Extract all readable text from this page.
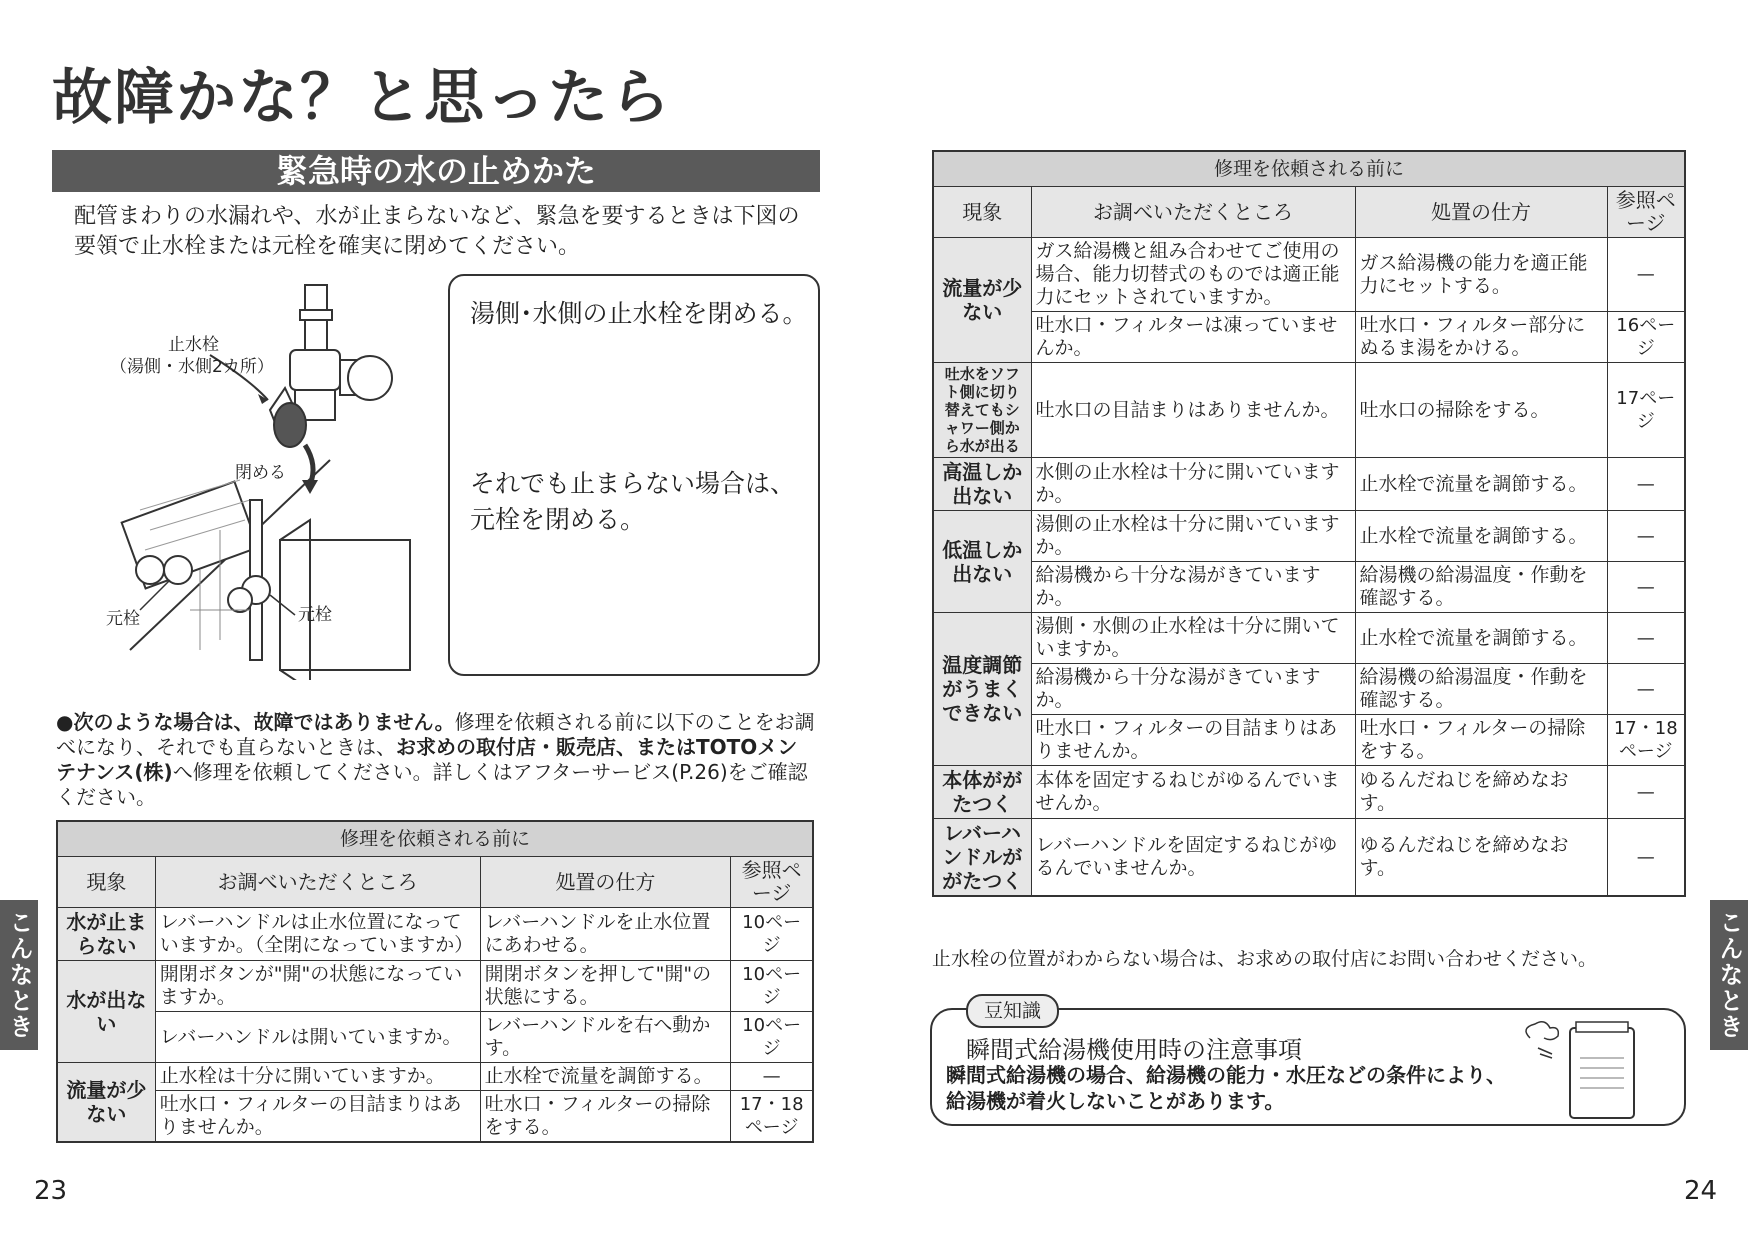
故障かな？と思ったら
緊急時の水の止めかた

配管まわりの水漏れや、水が止まらないなど、緊急を要するときは下図の要領で止水栓または元栓を確実に閉めてください。

止水栓
（湯側・水側2カ所）
閉める
元栓	元栓
湯側･水側の止水栓を閉める。
それでも止まらない場合は、元栓を閉める。

●次のような場合は、故障ではありません。修理を依頼される前に以下のことをお調べになり、それでも直らないときは、お求めの取付店・販売店、またはTOTOメンテナンス(株)へ修理を依頼してください。詳しくはアフターサービス(P.26)をご確認ください。

修理を依頼される前に			
現象	お調べいただくところ	処置の仕方	参照ページ
水が止まらない	レバーハンドルは止水位置になっていますか。（全閉になっていますか）	レバーハンドルを止水位置にあわせる。	10ページ
水が出ない	開閉ボタンが"開"の状態になっていますか。	開閉ボタンを押して"開"の状態にする。	10ページ
	レバーハンドルは開いていますか。	レバーハンドルを右へ動かす。	10ページ
流量が少ない	止水栓は十分に開いていますか。	止水栓で流量を調節する。	—
	吐水口・フィルターの目詰まりはありませんか。	吐水口・フィルターの掃除をする。	17・18ページ
こんなとき
23
修理を依頼される前に			
現象	お調べいただくところ	処置の仕方	参照ページ
流量が少ない	ガス給湯機と組み合わせてご使用の場合、能力切替式のものでは適正能力にセットされていますか。	ガス給湯機の能力を適正能力にセットする。	—
	吐水口・フィルターは凍っていませんか。	吐水口・フィルター部分にぬるま湯をかける。	16ページ
吐水をソフト側に切り替えてもシャワー側から水が出る	吐水口の目詰まりはありませんか。	吐水口の掃除をする。	17ページ
高温しか出ない	水側の止水栓は十分に開いていますか。	止水栓で流量を調節する。	—
低温しか出ない	湯側の止水栓は十分に開いていますか。	止水栓で流量を調節する。	—
	給湯機から十分な湯がきていますか。	給湯機の給湯温度・作動を確認する。	—
温度調節がうまくできない	湯側・水側の止水栓は十分に開いていますか。	止水栓で流量を調節する。	—
	給湯機から十分な湯がきていますか。	給湯機の給湯温度・作動を確認する。	—
	吐水口・フィルターの目詰まりはありませんか。	吐水口・フィルターの掃除をする。	17・18ページ
本体ががたつく	本体を固定するねじがゆるんでいませんか。	ゆるんだねじを締めなおす。	—
レバーハンドルががたつく	レバーハンドルを固定するねじがゆるんでいませんか。	ゆるんだねじを締めなおす。	—

止水栓の位置がわからない場合は、お求めの取付店にお問い合わせください。

豆知識

瞬間式給湯機使用時の注意事項

瞬間式給湯機の場合、給湯機の能力・水圧などの条件により、給湯機が着火しないことがあります。

こんなときは
24
